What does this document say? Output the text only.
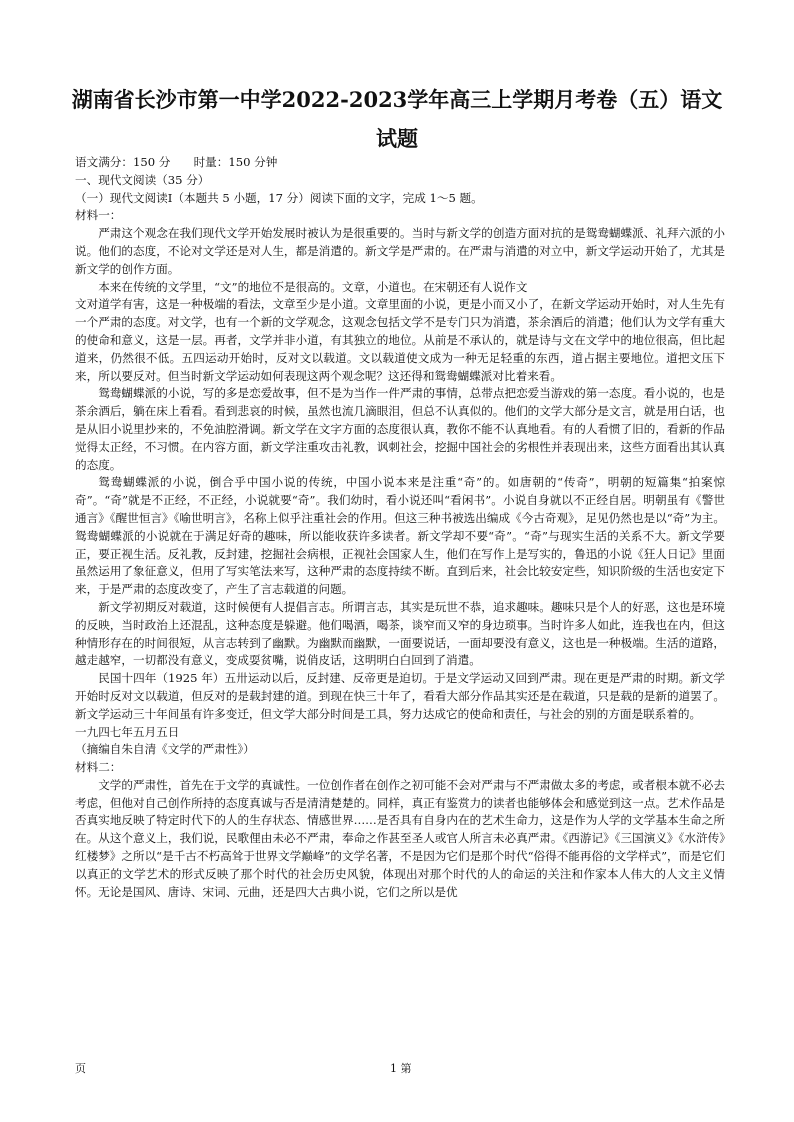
湖南省长沙市第一中学2022-2023学年高三上学期月考卷（五）语文
试题

语文满分：150 分　　时量：150 分钟

一、现代文阅读（35 分）

（一）现代文阅读Ⅰ（本题共 5 小题，17 分）阅读下面的文字，完成 1～5 题。

材料一：

严肃这个观念在我们现代文学开始发展时被认为是很重要的。当时与新文学的创造方面对抗的是鸳鸯蝴蝶派、礼拜六派的小说。他们的态度，不论对文学还是对人生，都是消遣的。新文学是严肃的。在严肃与消遣的对立中，新文学运动开始了，尤其是新文学的创作方面。

本来在传统的文学里，“文”的地位不是很高的。文章，小道也。在宋朝还有人说作文

文对道学有害，这是一种极端的看法，文章至少是小道。文章里面的小说，更是小而又小了，在新文学运动开始时，对人生先有一个严肃的态度。对文学，也有一个新的文学观念，这观念包括文学不是专门只为消遣，茶余酒后的消遣；他们认为文学有重大的使命和意义，这是一层。再者，文学并非小道，有其独立的地位。从前是不承认的，就是诗与文在文学中的地位很高，但比起道来，仍然很不低。五四运动开始时，反对文以载道。文以载道使文成为一种无足轻重的东西，道占据主要地位。道把文压下来，所以要反对。但当时新文学运动如何表现这两个观念呢？这还得和鸳鸯蝴蝶派对比着来看。

鸳鸯蝴蝶派的小说，写的多是恋爱故事，但不是为当作一件严肃的事情，总带点把恋爱当游戏的第一态度。看小说的，也是茶余酒后，躺在床上看看。看到悲哀的时候，虽然也流几滴眼泪，但总不认真似的。他们的文学大部分是文言，就是用白话，也是从旧小说里抄来的，不免油腔滑调。新文学在文字方面的态度很认真，教你不能不认真地看。有的人看惯了旧的，看新的作品觉得太正经，不习惯。在内容方面，新文学注重攻击礼教，讽刺社会，挖掘中国社会的劣根性并表现出来，这些方面看出其认真的态度。

鸳鸯蝴蝶派的小说，倒合乎中国小说的传统，中国小说本来是注重“奇”的。如唐朝的“传奇”，明朝的短篇集“拍案惊奇”。“奇”就是不正经，不正经，小说就要“奇”。我们幼时，看小说还叫“看闲书”。小说自身就以不正经自居。明朝虽有《警世通言》《醒世恒言》《喻世明言》，名称上似乎注重社会的作用。但这三种书被选出编成《今古奇观》，足见仍然也是以“奇”为主。鸳鸯蝴蝶派的小说就在于满足好奇的趣味，所以能收获许多读者。新文学却不要“奇”。“奇”与现实生活的关系不大。新文学要正，要正视生活。反礼教，反封建，挖掘社会病根，正视社会国家人生，他们在写作上是写实的，鲁迅的小说《狂人日记》里面虽然运用了象征意义，但用了写实笔法来写，这种严肃的态度持续不断。直到后来，社会比较安定些，知识阶级的生活也安定下来，于是严肃的态度改变了，产生了言志载道的问题。

新文学初期反对载道，这时候便有人提倡言志。所谓言志，其实是玩世不恭，追求趣味。趣味只是个人的好恶，这也是环境的反映，当时政治上还混乱，这种态度是躲避。他们喝酒，喝茶，谈窄而又窄的身边琐事。当时许多人如此，连我也在内，但这种情形存在的时间很短，从言志转到了幽默。为幽默而幽默，一面要说话，一面却要没有意义，这也是一种极端。生活的道路，越走越窄，一切都没有意义，变成耍贫嘴，说俏皮话，这明明白白回到了消遣。

民国十四年（1925 年）五卅运动以后，反封建、反帝更是迫切。于是文学运动又回到严肃。现在更是严肃的时期。新文学开始时反对文以载道，但反对的是载封建的道。到现在快三十年了，看看大部分作品其实还是在载道，只是载的是新的道罢了。新文学运动三十年间虽有许多变迁，但文学大部分时间是工具，努力达成它的使命和责任，与社会的别的方面是联系着的。

一九四七年五月五日

（摘编自朱自清《文学的严肃性》）

材料二：

文学的严肃性，首先在于文学的真诚性。一位创作者在创作之初可能不会对严肃与不严肃做太多的考虑，或者根本就不必去考虑，但他对自己创作所持的态度真诚与否是清清楚楚的。同样，真正有鉴赏力的读者也能够体会和感觉到这一点。艺术作品是否真实地反映了特定时代下的人的生存状态、情感世界……是否具有自身内在的艺术生命力，这是作为人学的文学基本生命之所在。从这个意义上，我们说，民歌俚由未必不严肃，奉命之作甚至圣人或官人所言未必真严肃。《西游记》《三国演义》《水浒传》红楼梦》之所以“是千古不朽高耸于世界文学巅峰”的文学名著，不是因为它们是那个时代“俗得不能再俗的文学样式”，而是它们以真正的文学艺术的形式反映了那个时代的社会历史风貌，体现出对那个时代的人的命运的关注和作家本人伟大的人文主义情怀。无论是国风、唐诗、宋词、元曲，还是四大古典小说，它们之所以是优

页	1 第
